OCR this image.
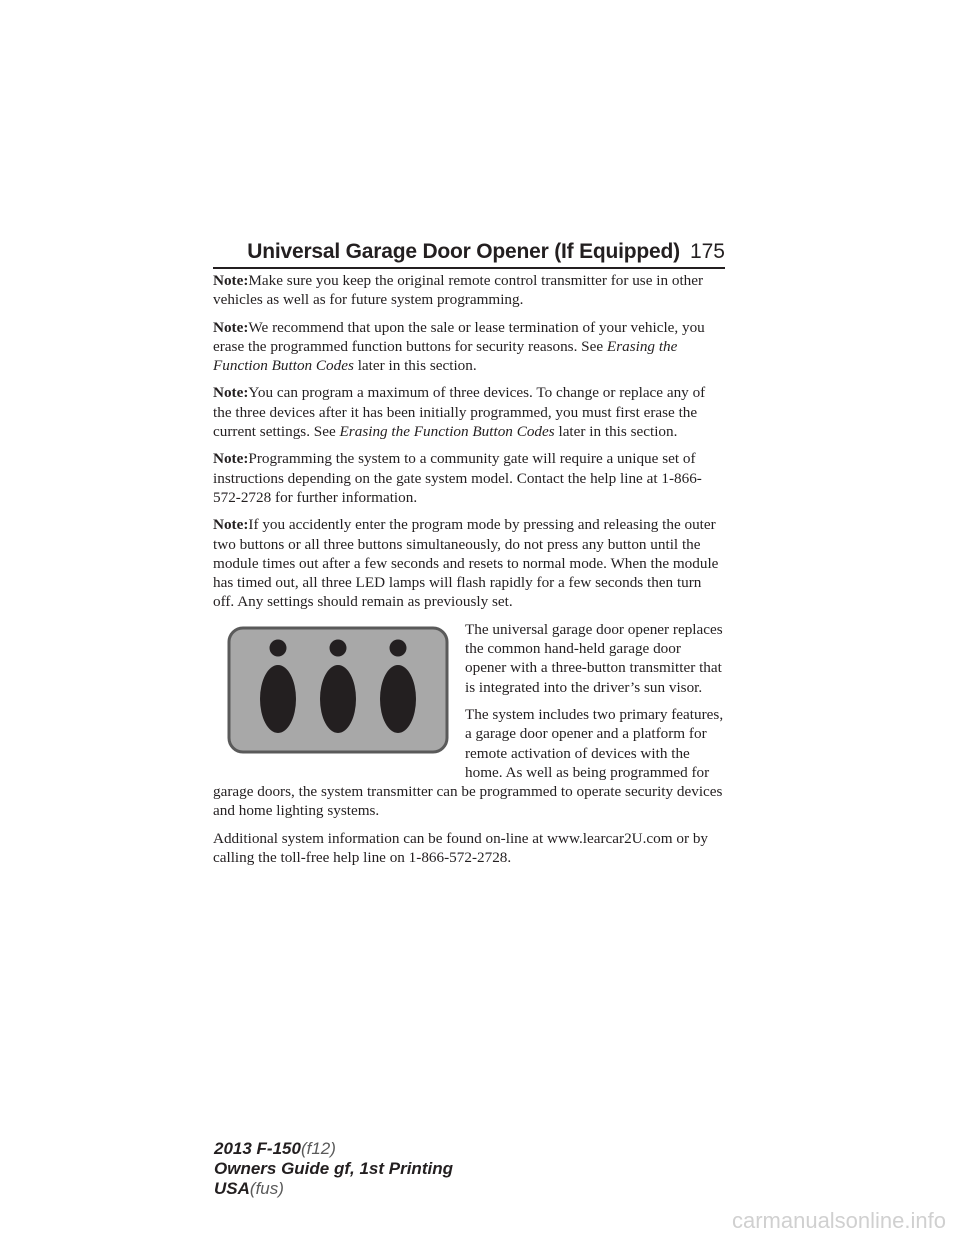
Universal Garage Door Opener (If Equipped) 175

Note:Make sure you keep the original remote control transmitter for use in other vehicles as well as for future system programming.

Note:We recommend that upon the sale or lease termination of your vehicle, you erase the programmed function buttons for security reasons. See Erasing the Function Button Codes later in this section.

Note:You can program a maximum of three devices. To change or replace any of the three devices after it has been initially programmed, you must first erase the current settings. See Erasing the Function Button Codes later in this section.

Note:Programming the system to a community gate will require a unique set of instructions depending on the gate system model. Contact the help line at 1-866-572-2728 for further information.

Note:If you accidently enter the program mode by pressing and releasing the outer two buttons or all three buttons simultaneously, do not press any button until the module times out after a few seconds and resets to normal mode. When the module has timed out, all three LED lamps will flash rapidly for a few seconds then turn off. Any settings should remain as previously set.

The universal garage door opener replaces the common hand-held garage door opener with a three-button transmitter that is integrated into the driver’s sun visor.

The system includes two primary features, a garage door opener and a platform for remote activation of devices with the home. As well as being programmed for garage doors, the system transmitter can be programmed to operate security devices and home lighting systems.

Additional system information can be found on-line at www.learcar2U.com or by calling the toll-free help line on 1-866-572-2728.

2013 F-150(f12)
Owners Guide gf, 1st Printing
USA(fus)
carmanualsonline.info
